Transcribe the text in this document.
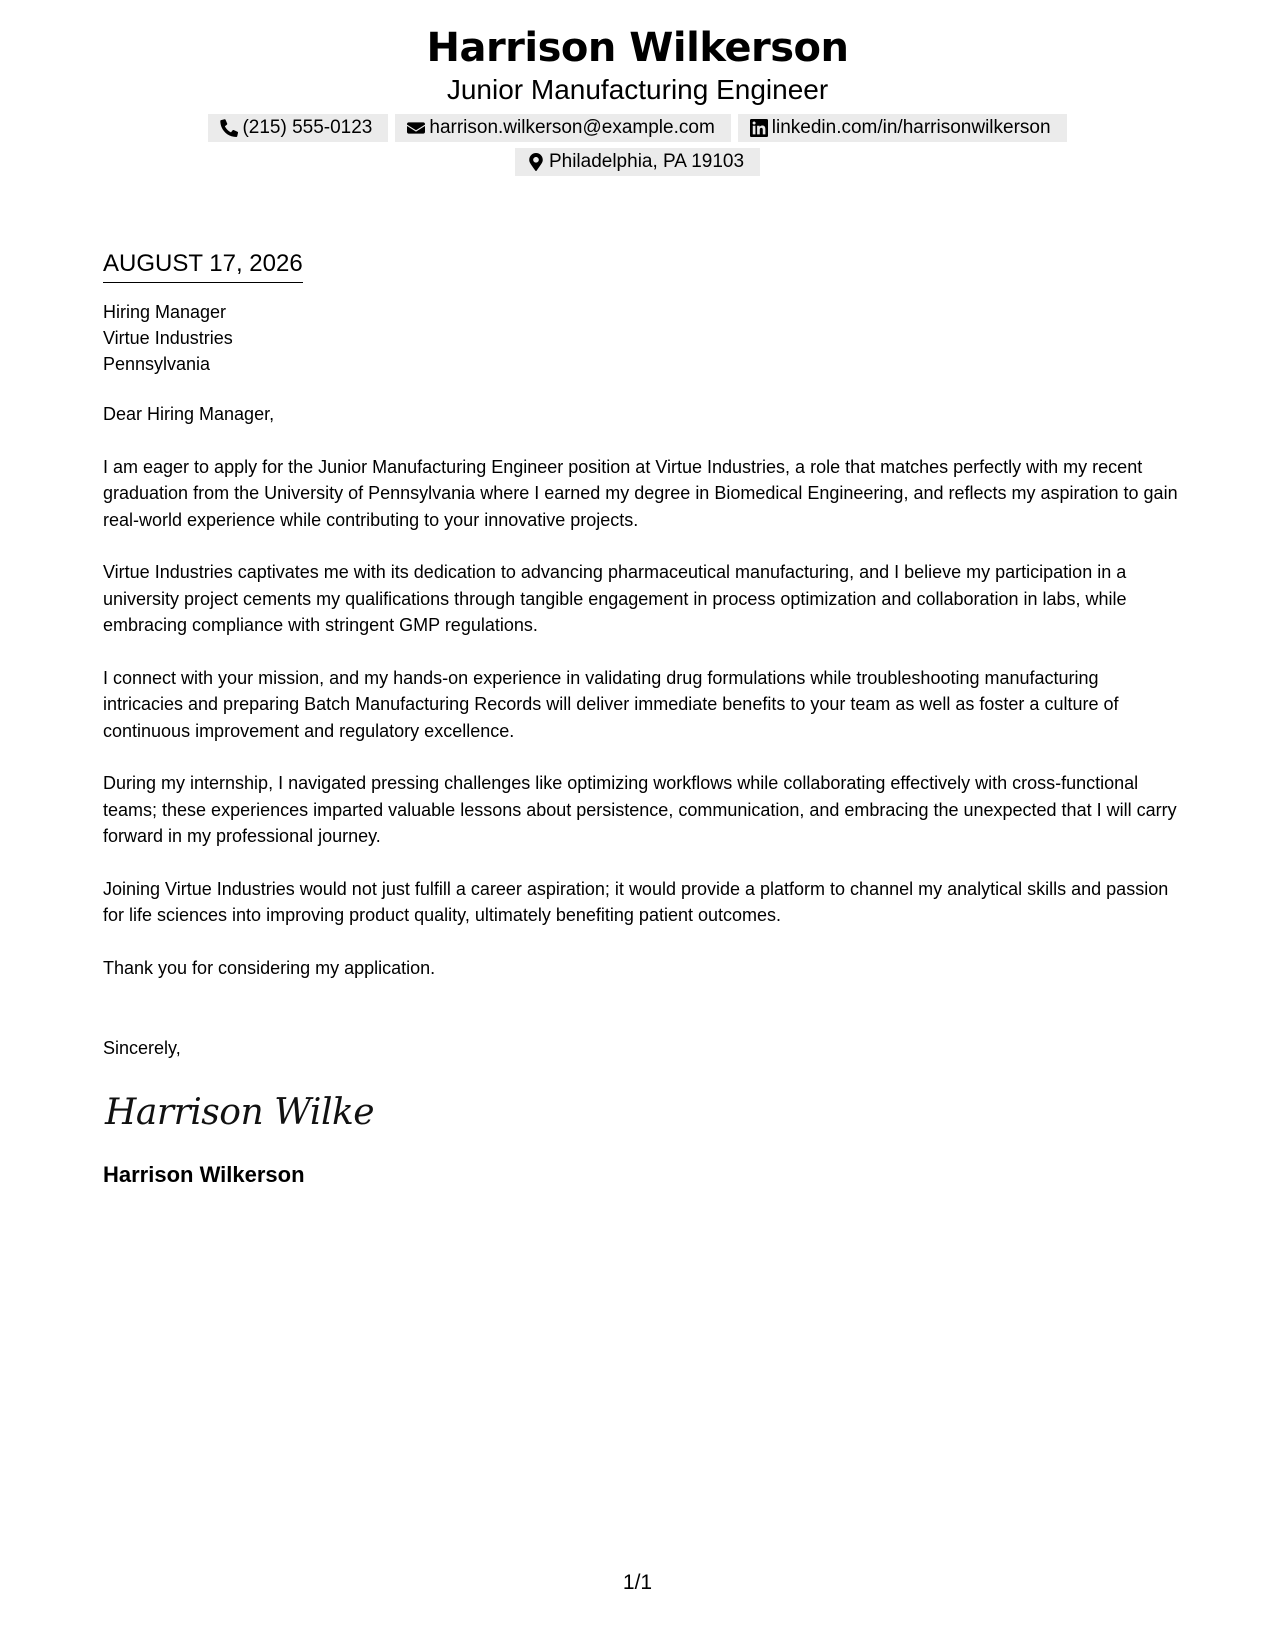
Harrison Wilkerson
Junior Manufacturing Engineer
(215) 555-0123	harrison.wilkerson@example.com	linkedin.com/in/harrisonwilkerson
Philadelphia, PA 19103
AUGUST 17, 2026
Hiring Manager
Virtue Industries
Pennsylvania
Dear Hiring Manager,
I am eager to apply for the Junior Manufacturing Engineer position at Virtue Industries, a role that matches perfectly with my recent graduation from the University of Pennsylvania where I earned my degree in Biomedical Engineering, and reflects my aspiration to gain real-world experience while contributing to your innovative projects.
Virtue Industries captivates me with its dedication to advancing pharmaceutical manufacturing, and I believe my participation in a university project cements my qualifications through tangible engagement in process optimization and collaboration in labs, while embracing compliance with stringent GMP regulations.
I connect with your mission, and my hands-on experience in validating drug formulations while troubleshooting manufacturing intricacies and preparing Batch Manufacturing Records will deliver immediate benefits to your team as well as foster a culture of continuous improvement and regulatory excellence.
During my internship, I navigated pressing challenges like optimizing workflows while collaborating effectively with cross-functional teams; these experiences imparted valuable lessons about persistence, communication, and embracing the unexpected that I will carry forward in my professional journey.
Joining Virtue Industries would not just fulfill a career aspiration; it would provide a platform to channel my analytical skills and passion for life sciences into improving product quality, ultimately benefiting patient outcomes.
Thank you for considering my application.
Sincerely,
Harrison Wilker
Harrison Wilkerson
1/1
